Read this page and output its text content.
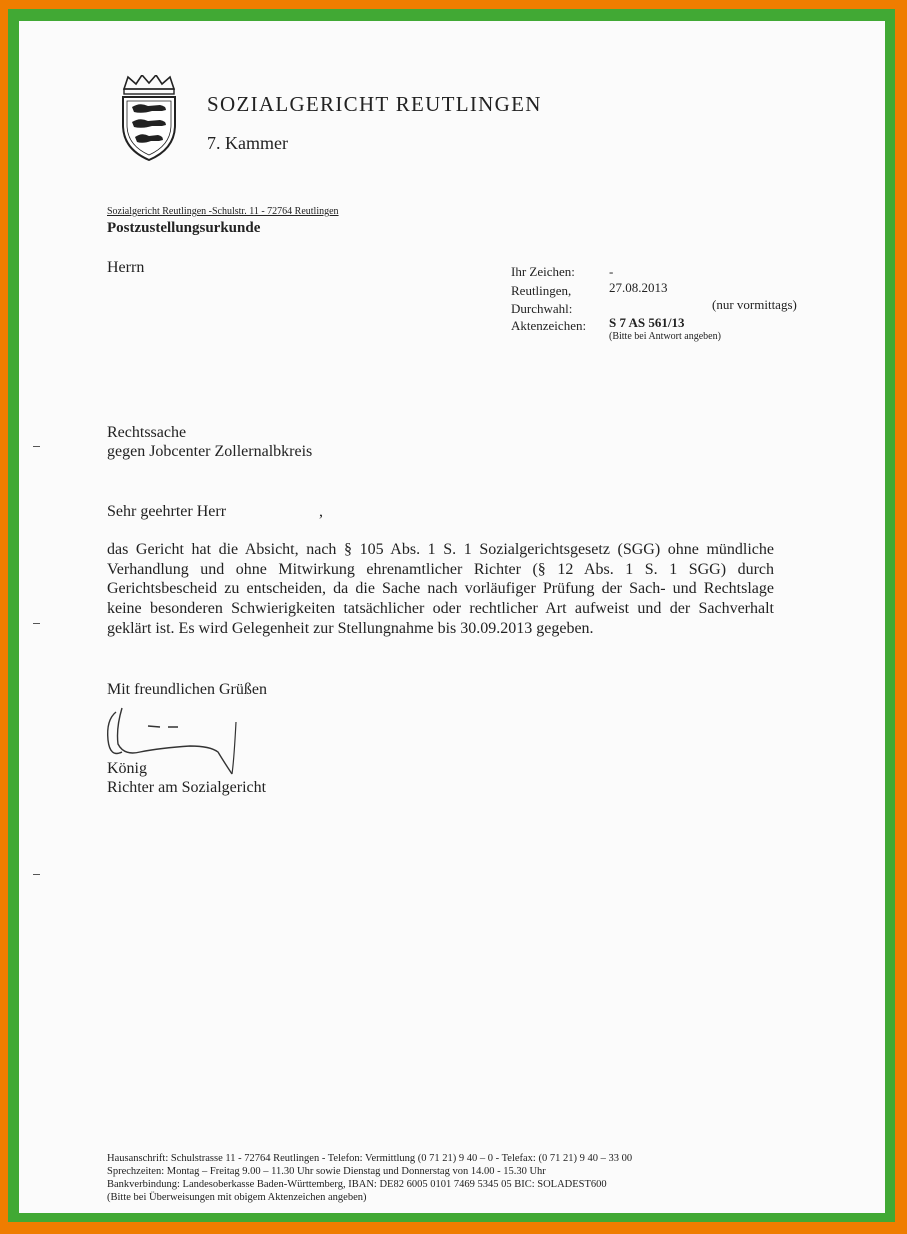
SOZIALGERICHT REUTLINGEN
7. Kammer
Sozialgericht Reutlingen -Schulstr. 11 - 72764 Reutlingen
Postzustellungsurkunde
Herrn	Ihr Zeichen:	-
Reutlingen,	27.08.2013
Durchwahl:	(nur vormittags)
Aktenzeichen: S 7 AS 561/13
(Bitte bei Antwort angeben)
Rechtssache
gegen Jobcenter Zollernalbkreis
Sehr geehrter Herr	,
das Gericht hat die Absicht, nach § 105 Abs. 1 S. 1 Sozialgerichtsgesetz (SGG) ohne mündliche Verhandlung und ohne Mitwirkung ehrenamtlicher Richter (§ 12 Abs. 1 S. 1 SGG) durch Gerichtsbescheid zu entscheiden, da die Sache nach vorläufiger Prüfung der Sach- und Rechtslage keine besonderen Schwierigkeiten tatsächlicher oder rechtlicher Art aufweist und der Sachverhalt geklärt ist. Es wird Gelegenheit zur Stellungnahme bis 30.09.2013 gegeben.
Mit freundlichen Grüßen
König
Richter am Sozialgericht
Hausanschrift: Schulstrasse 11 - 72764 Reutlingen - Telefon: Vermittlung (0 71 21) 9 40 – 0 - Telefax: (0 71 21) 9 40 – 33 00
Sprechzeiten: Montag – Freitag 9.00 – 11.30 Uhr sowie Dienstag und Donnerstag von 14.00 - 15.30 Uhr
Bankverbindung: Landesoberkasse Baden-Württemberg, IBAN: DE82 6005 0101 7469 5345 05 BIC: SOLADEST600
(Bitte bei Überweisungen mit obigem Aktenzeichen angeben)
